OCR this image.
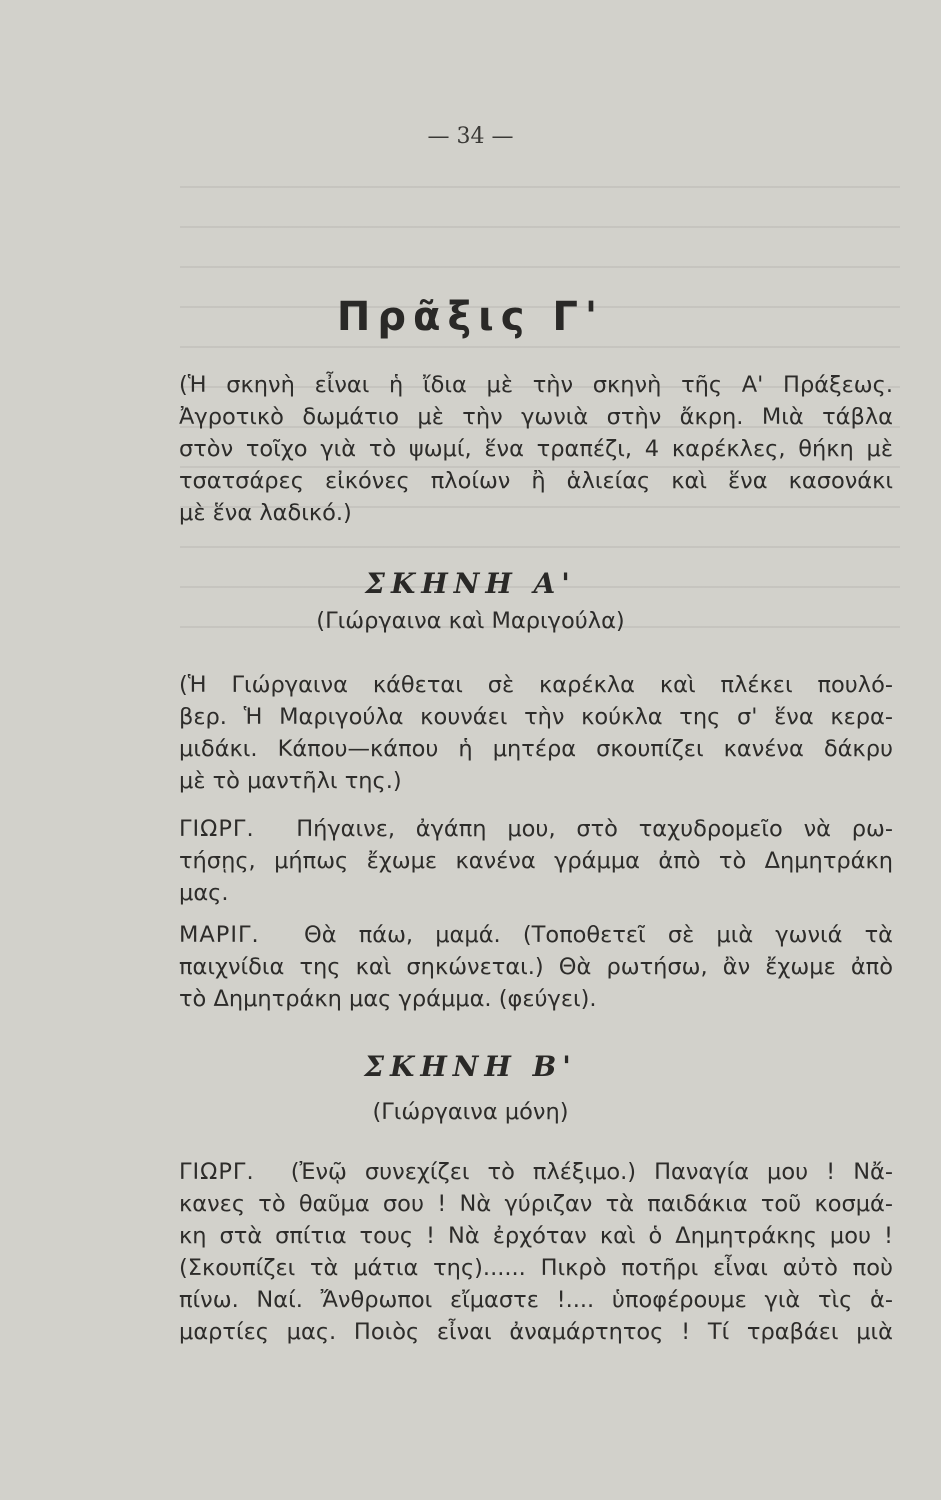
— 34 —
Πρᾶξις Γ'
(Ἡ σκηνὴ εἶναι ἡ ἴδια μὲ τὴν σκηνὴ τῆς Α' Πράξεως.
Ἀγροτικὸ δωμάτιο μὲ τὴν γωνιὰ στὴν ἄκρη. Μιὰ τάβλα
στὸν τοῖχο γιὰ τὸ ψωμί, ἕνα τραπέζι, 4 καρέκλες, θήκη μὲ
τσατσάρες εἰκόνες πλοίων ἢ ἁλιείας καὶ ἕνα κασονάκι
μὲ ἕνα λαδικό.)
ΣΚΗΝΗ Α'
(Γιώργαινα καὶ Μαριγούλα)
(Ἡ Γιώργαινα κάθεται σὲ καρέκλα καὶ πλέκει πουλό-
βερ. Ἡ Μαριγούλα κουνάει τὴν κούκλα της σ' ἕνα κερα-
μιδάκι. Κάπου—κάπου ἡ μητέρα σκουπίζει κανένα δάκρυ
μὲ τὸ μαντῆλι της.)
ΓΙΩΡΓ. Πήγαινε, ἀγάπη μου, στὸ ταχυδρομεῖο νὰ ρω-
τήσῃς, μήπως ἔχωμε κανένα γράμμα ἀπὸ τὸ Δημητράκη
μας.
ΜΑΡΙΓ. Θὰ πάω, μαμά. (Τοποθετεῖ σὲ μιὰ γωνιά τὰ
παιχνίδια της καὶ σηκώνεται.) Θὰ ρωτήσω, ἂν ἔχωμε ἀπὸ
τὸ Δημητράκη μας γράμμα. (φεύγει).
ΣΚΗΝΗ Β'
(Γιώργαινα μόνη)
ΓΙΩΡΓ. (Ἐνῷ συνεχίζει τὸ πλέξιμο.) Παναγία μου ! Νἄ-
κανες τὸ θαῦμα σου ! Νὰ γύριζαν τὰ παιδάκια τοῦ κοσμά-
κη στὰ σπίτια τους ! Νὰ ἐρχόταν καὶ ὁ Δημητράκης μου !
(Σκουπίζει τὰ μάτια της)...... Πικρὸ ποτῆρι εἶναι αὐτὸ ποὺ
πίνω. Ναί. Ἄνθρωποι εἴμαστε !.... ὑποφέρουμε γιὰ τὶς ἁ-
μαρτίες μας. Ποιὸς εἶναι ἀναμάρτητος ! Τί τραβάει μιὰ
